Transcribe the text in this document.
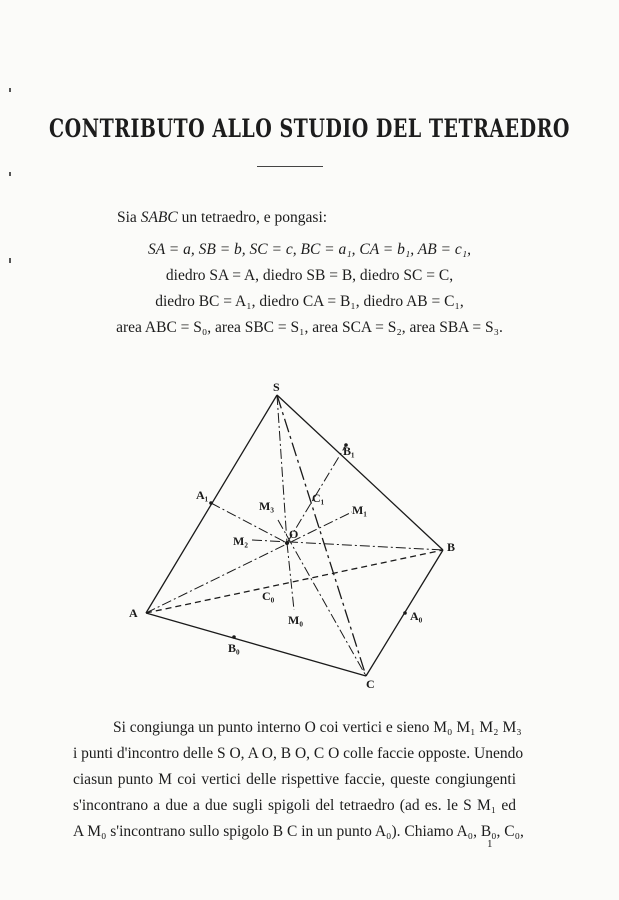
CONTRIBUTO ALLO STUDIO DEL TETRAEDRO
Sia SABC un tetraedro, e pongasi:
SA = a, SB = b, SC = c, BC = a₁, CA = b₁, AB = c₁,
diedro SA = A, diedro SB = B, diedro SC = C,
diedro BC = A₁, diedro CA = B₁, diedro AB = C₁,
area ABC = S₀, area SBC = S₁, area SCA = S₂, area SBA = S₃.
S
A
B
C
O
A₁
B₁
C₁
M₁
M₂
M₃
M₀
C₀
A₀
B₀
Si congiunga un punto interno O coi vertici e sieno M₀ M₁ M₂ M₃
i punti d'incontro delle S O, A O, B O, C O colle faccie opposte. Unendo
ciasun punto M coi vertici delle rispettive faccie, queste congiungenti
s'incontrano a due a due sugli spigoli del tetraedro (ad es. le S M₁ ed
A M₀ s'incontrano sullo spigolo B C in un punto A₀). Chiamo A₀, B₀, C₀,
1
